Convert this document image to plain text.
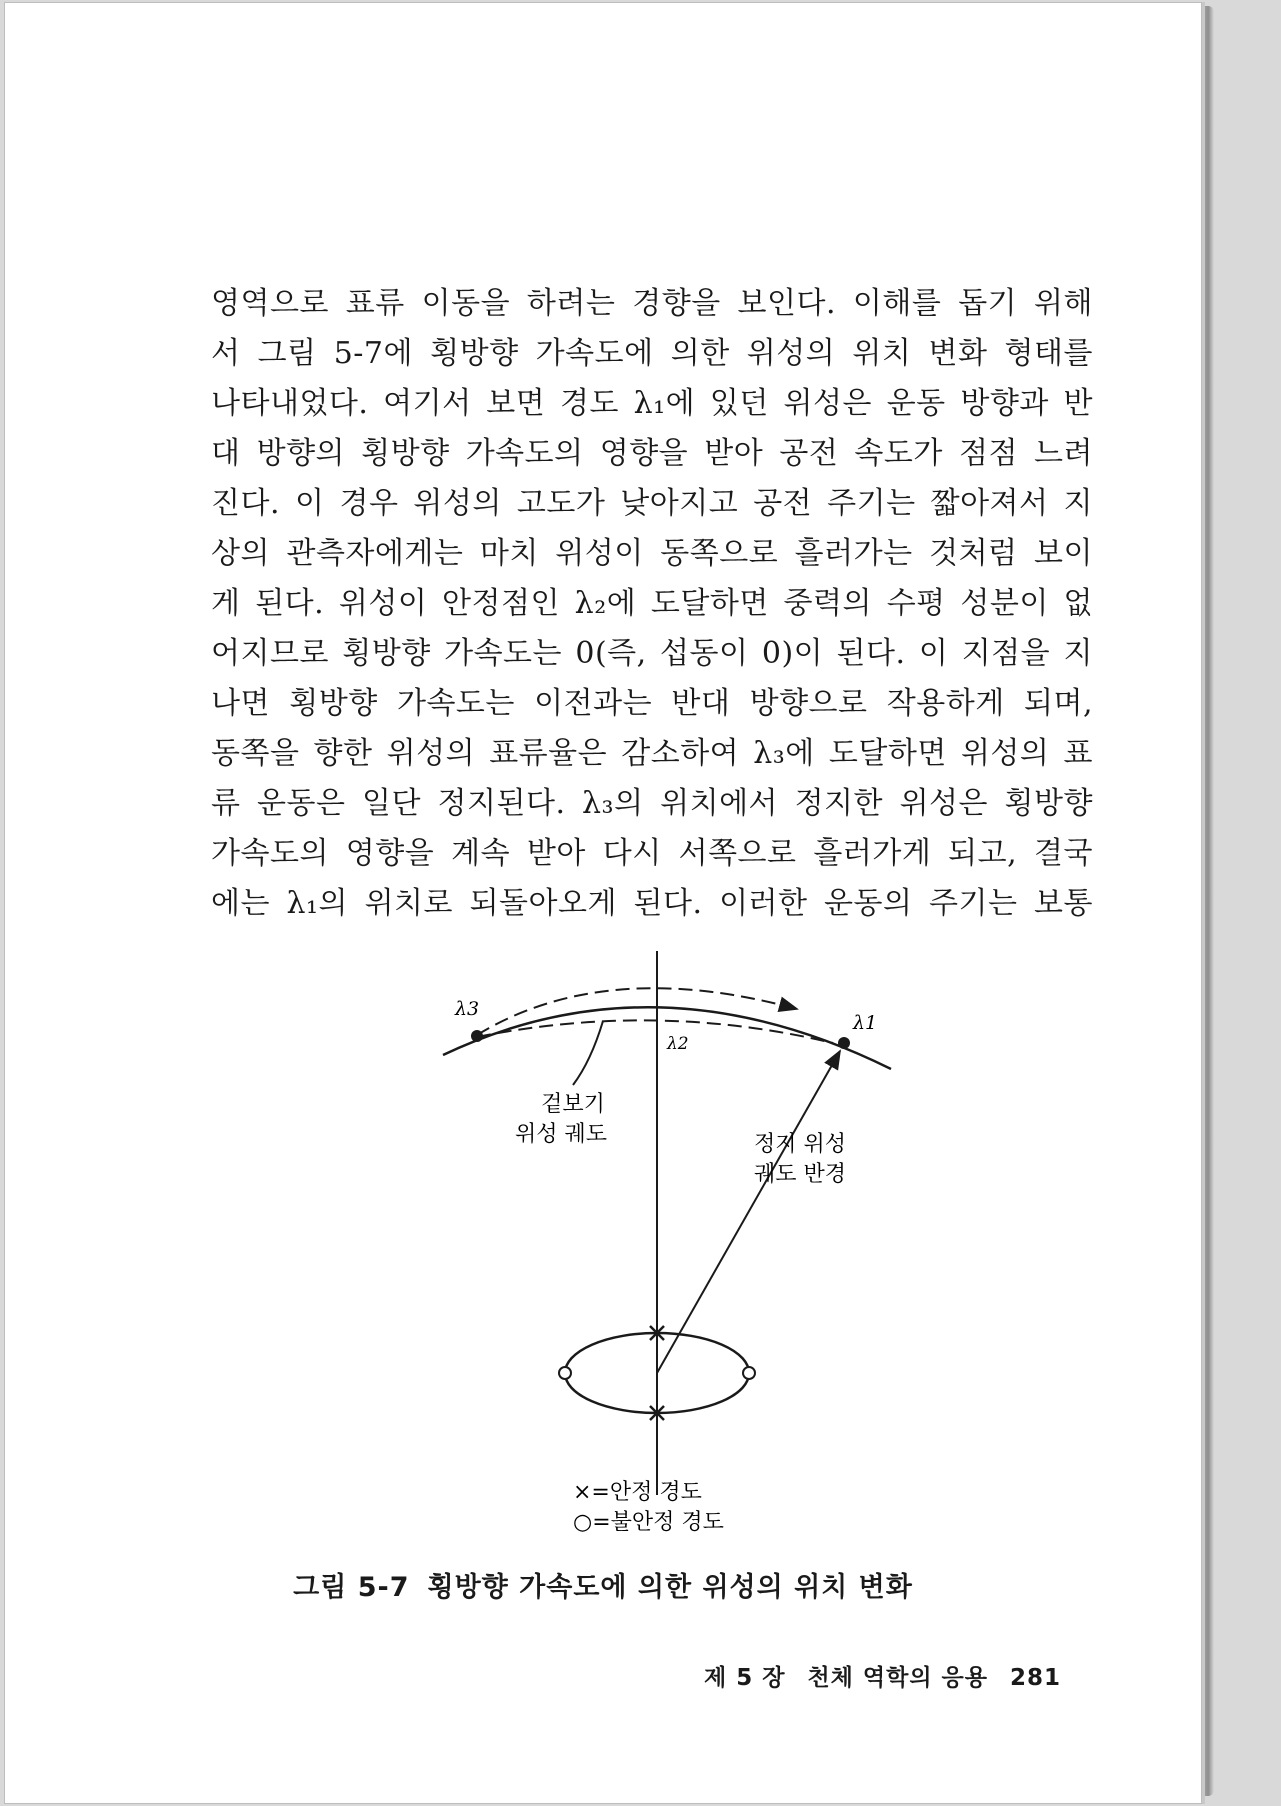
영역으로 표류 이동을 하려는 경향을 보인다. 이해를 돕기 위해
서 그림 5-7에 횡방향 가속도에 의한 위성의 위치 변화 형태를
나타내었다. 여기서 보면 경도 λ₁에 있던 위성은 운동 방향과 반
대 방향의 횡방향 가속도의 영향을 받아 공전 속도가 점점 느려
진다. 이 경우 위성의 고도가 낮아지고 공전 주기는 짧아져서 지
상의 관측자에게는 마치 위성이 동쪽으로 흘러가는 것처럼 보이
게 된다. 위성이 안정점인 λ₂에 도달하면 중력의 수평 성분이 없
어지므로 횡방향 가속도는 0(즉, 섭동이 0)이 된다. 이 지점을 지
나면 횡방향 가속도는 이전과는 반대 방향으로 작용하게 되며,
동쪽을 향한 위성의 표류율은 감소하여 λ₃에 도달하면 위성의 표
류 운동은 일단 정지된다. λ₃의 위치에서 정지한 위성은 횡방향
가속도의 영향을 계속 받아 다시 서쪽으로 흘러가게 되고, 결국
에는 λ₁의 위치로 되돌아오게 된다. 이러한 운동의 주기는 보통
λ3
λ2
λ1
겉보기
위성 궤도	정지 위성
궤도 반경
×=안정 경도
○=불안정 경도
그림 5-7 횡방향 가속도에 의한 위성의 위치 변화
제 5 장 천체 역학의 응용 281
